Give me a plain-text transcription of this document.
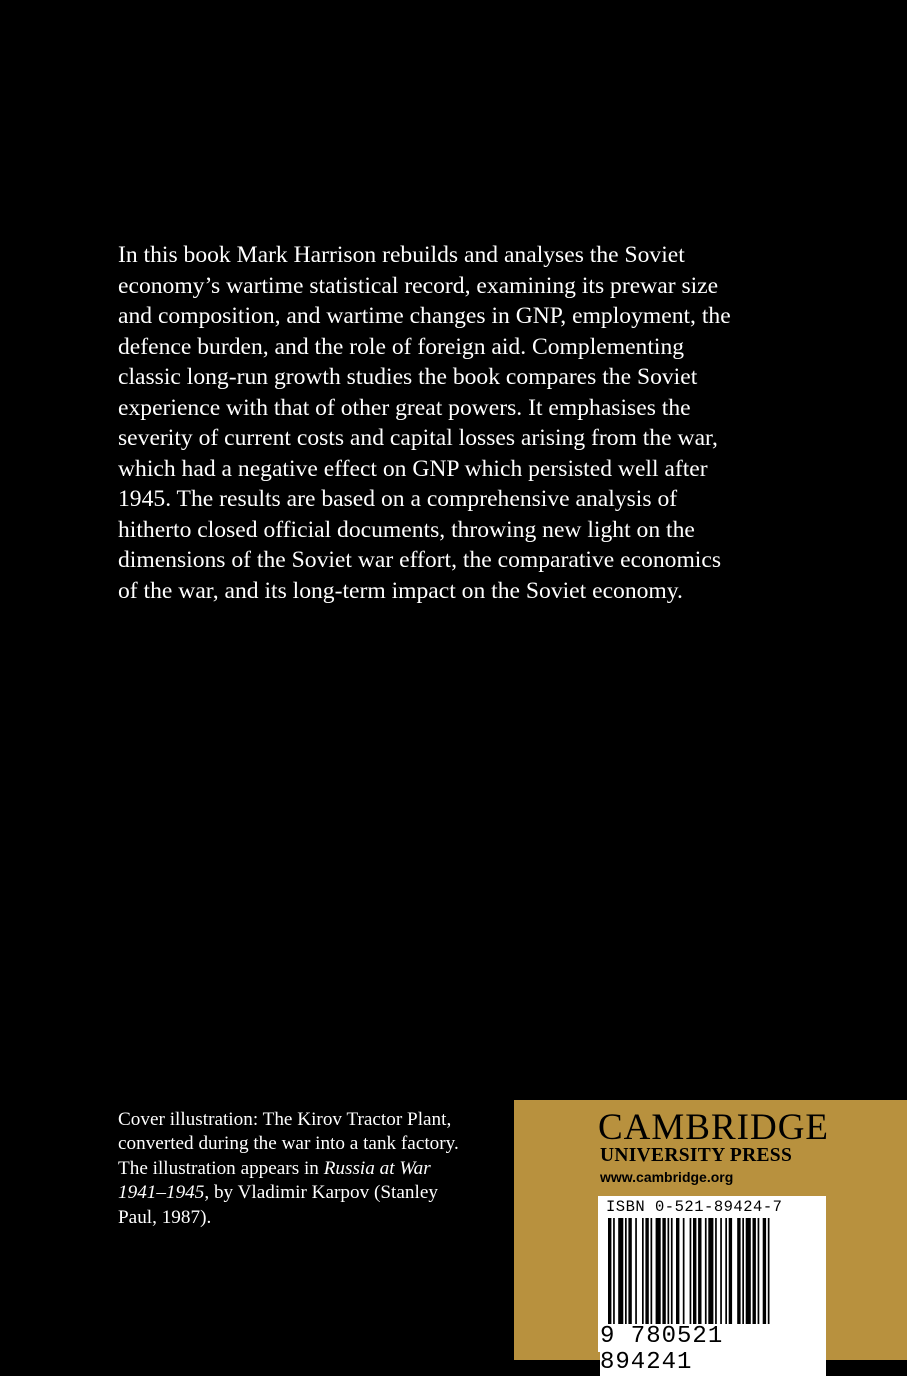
In this book Mark Harrison rebuilds and analyses the Soviet
economy’s wartime statistical record, examining its prewar size
and composition, and wartime changes in GNP, employment, the
defence burden, and the role of foreign aid. Complementing
classic long-run growth studies the book compares the Soviet
experience with that of other great powers. It emphasises the
severity of current costs and capital losses arising from the war,
which had a negative effect on GNP which persisted well after
1945. The results are based on a comprehensive analysis of
hitherto closed official documents, throwing new light on the
dimensions of the Soviet war effort, the comparative economics
of the war, and its long-term impact on the Soviet economy.
Cover illustration: The Kirov Tractor Plant,
converted during the war into a tank factory.
The illustration appears in Russia at War
1941–1945, by Vladimir Karpov (Stanley
Paul, 1987).
CAMBRIDGE
UNIVERSITY PRESS
www.cambridge.org
ISBN 0-521-89424-7
9 780521 894241
